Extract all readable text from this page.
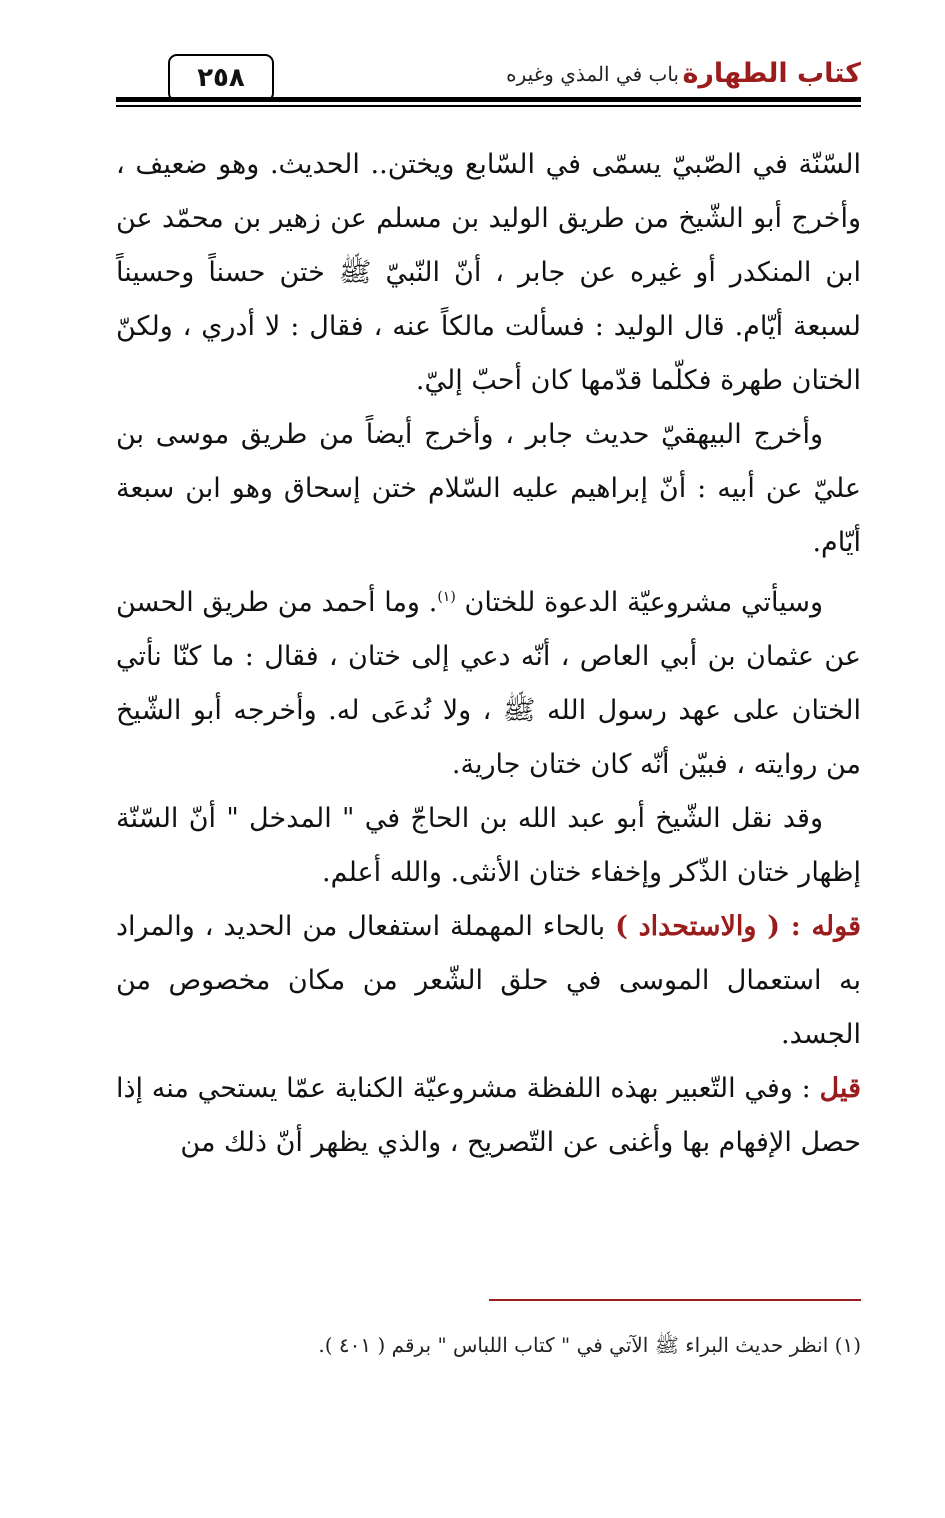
كتاب الطهارة
باب في المذي وغيره
٢٥٨

السّنّة في الصّبيّ يسمّى في السّابع ويختن.. الحديث. وهو ضعيف ، وأخرج أبو الشّيخ من طريق الوليد بن مسلم عن زهير بن محمّد عن ابن المنكدر أو غيره عن جابر ، أنّ النّبيّ ﷺ ختن حسناً وحسيناً لسبعة أيّام. قال الوليد : فسألت مالكاً عنه ، فقال : لا أدري ، ولكنّ الختان طهرة فكلّما قدّمها كان أحبّ إليّ.

وأخرج البيهقيّ حديث جابر ، وأخرج أيضاً من طريق موسى بن عليّ عن أبيه : أنّ إبراهيم عليه السّلام ختن إسحاق وهو ابن سبعة أيّام.

وسيأتي مشروعيّة الدعوة للختان $^{(١)}$. وما أحمد من طريق الحسن عن عثمان بن أبي العاص ، أنّه دعي إلى ختان ، فقال : ما كنّا نأتي الختان على عهد رسول الله ﷺ ، ولا نُدعَى له. وأخرجه أبو الشّيخ من روايته ، فبيّن أنّه كان ختان جارية.

وقد نقل الشّيخ أبو عبد الله بن الحاجّ في " المدخل " أنّ السّنّة إظهار ختان الذّكر وإخفاء ختان الأنثى. والله أعلم.

قوله : ( والاستحداد ) بالحاء المهملة استفعال من الحديد ، والمراد به استعمال الموسى في حلق الشّعر من مكان مخصوص من الجسد.

قيل : وفي التّعبير بهذه اللفظة مشروعيّة الكناية عمّا يستحي منه إذا حصل الإفهام بها وأغنى عن التّصريح ، والذي يظهر أنّ ذلك من

(١) انظر حديث البراء ﷺ الآتي في " كتاب اللباس " برقم ( ٤٠١ ).
